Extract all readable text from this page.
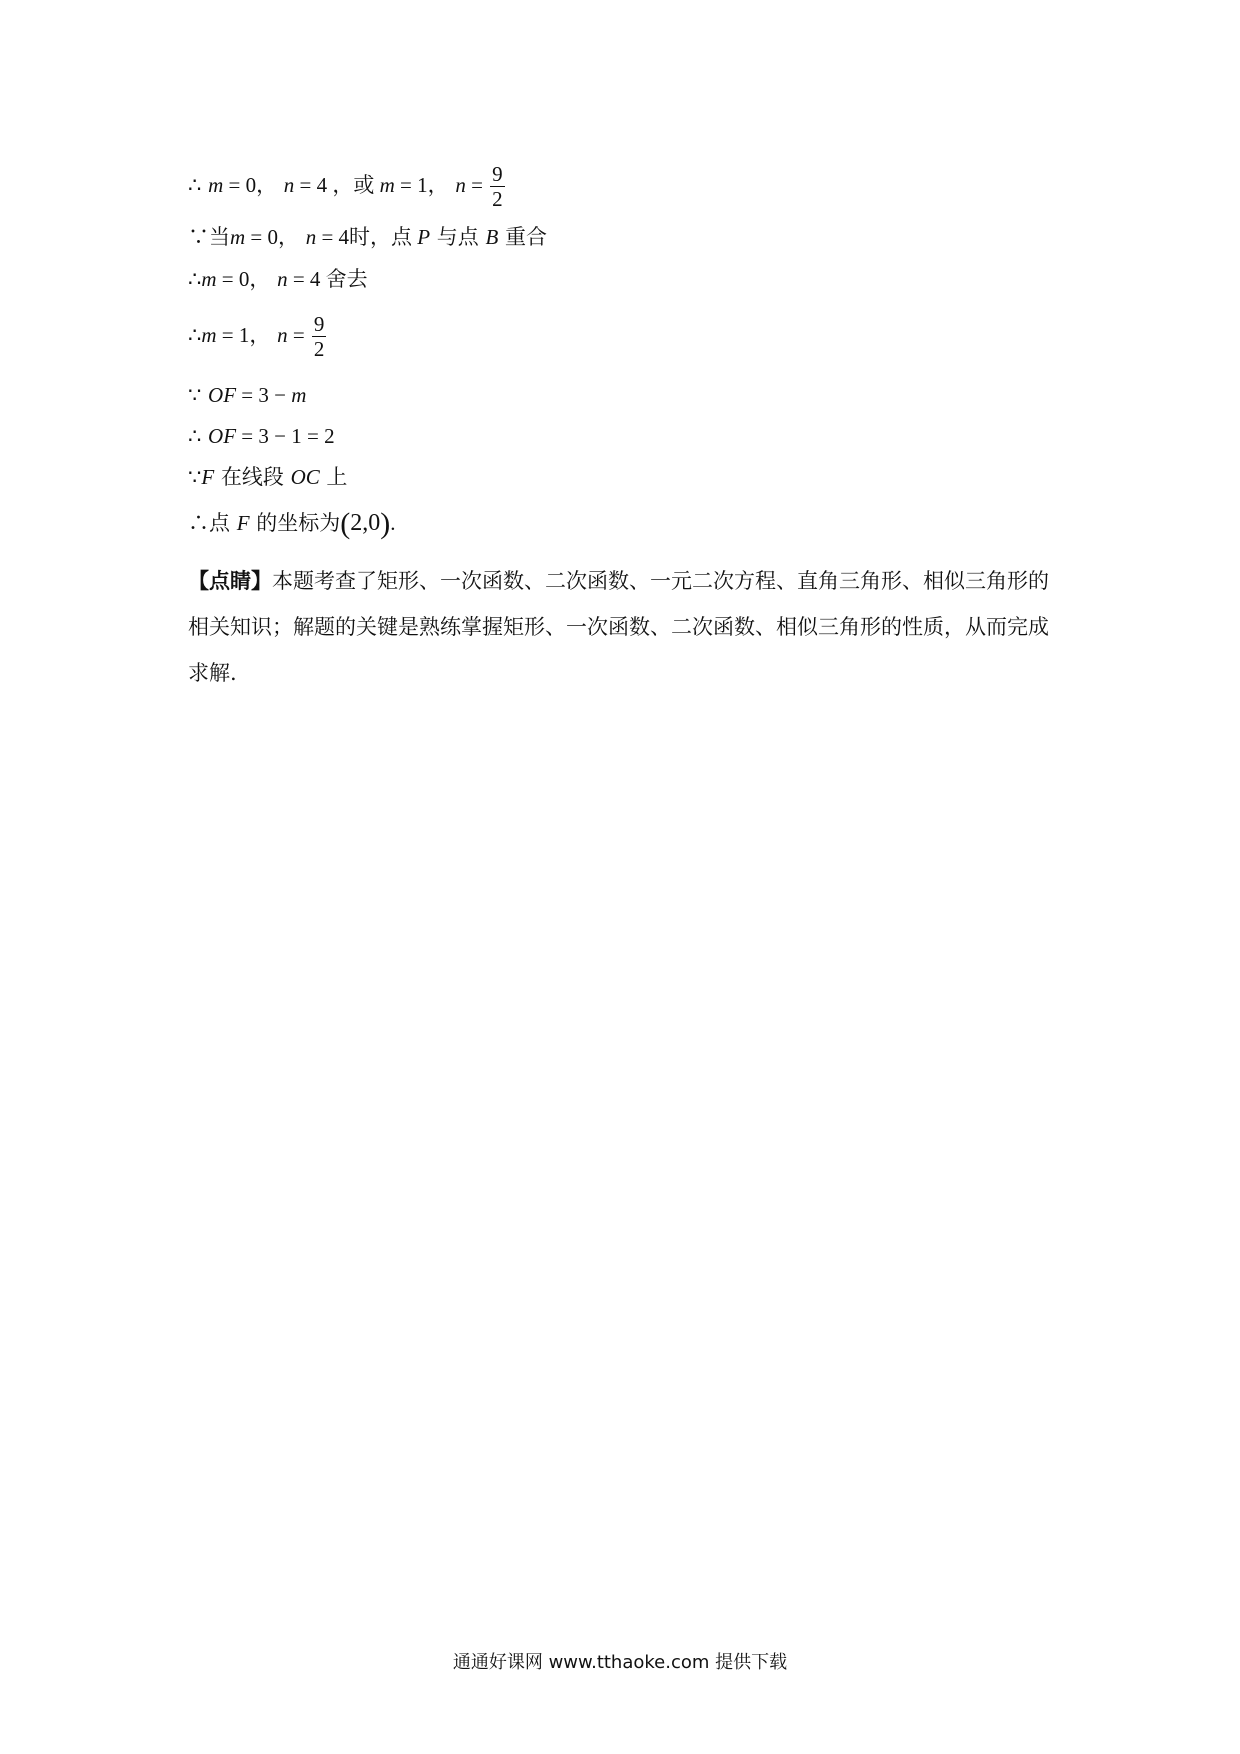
∴ m = 0， n = 4 ，或 m = 1， $n = \frac{9}{2}$
∵当m = 0， n = 4时，点 P 与点 B 重合
∴m = 0， n = 4 舍去
∴m = 1， $n = \frac{9}{2}$
∵ OF = 3 − m
∴ OF = 3 − 1 = 2
∵F 在线段 OC 上
∴点 F 的坐标为(2,0).
【点睛】本题考查了矩形、一次函数、二次函数、一元二次方程、直角三角形、相似三角形的相关知识；解题的关键是熟练掌握矩形、一次函数、二次函数、相似三角形的性质，从而完成求解.
通通好课网 www.tthaoke.com 提供下载
